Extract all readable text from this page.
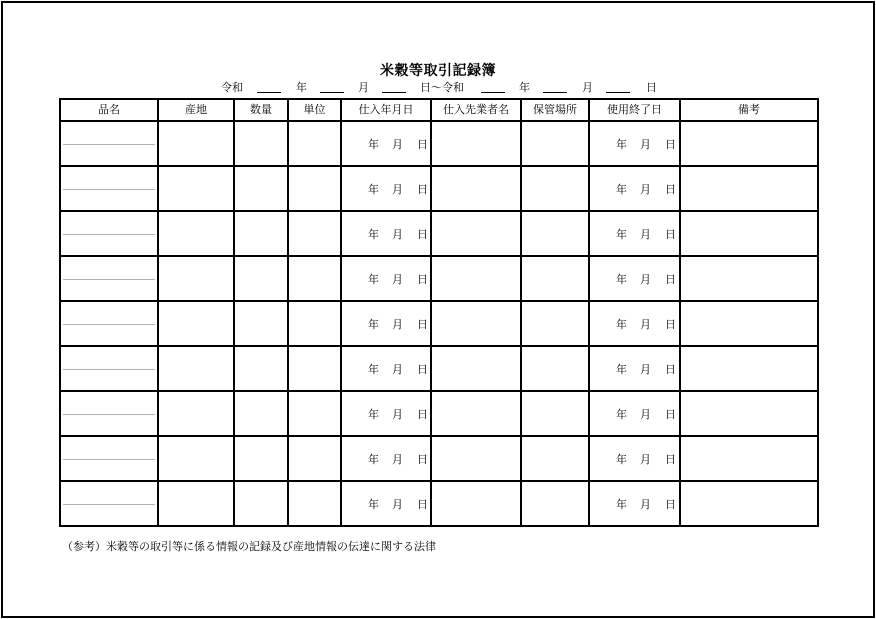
米穀等取引記録簿
令和	年	月	日～令和	年	月	日
品名	産地	数量	単位	仕入年月日	仕入先業者名	保管場所	使用終了日	備考

				年 月 日			年 月 日	

				年 月 日			年 月 日	

				年 月 日			年 月 日	

				年 月 日			年 月 日	

				年 月 日			年 月 日	

				年 月 日			年 月 日	

				年 月 日			年 月 日	

				年 月 日			年 月 日	

				年 月 日			年 月 日	

（参考）米穀等の取引等に係る情報の記録及び産地情報の伝達に関する法律
